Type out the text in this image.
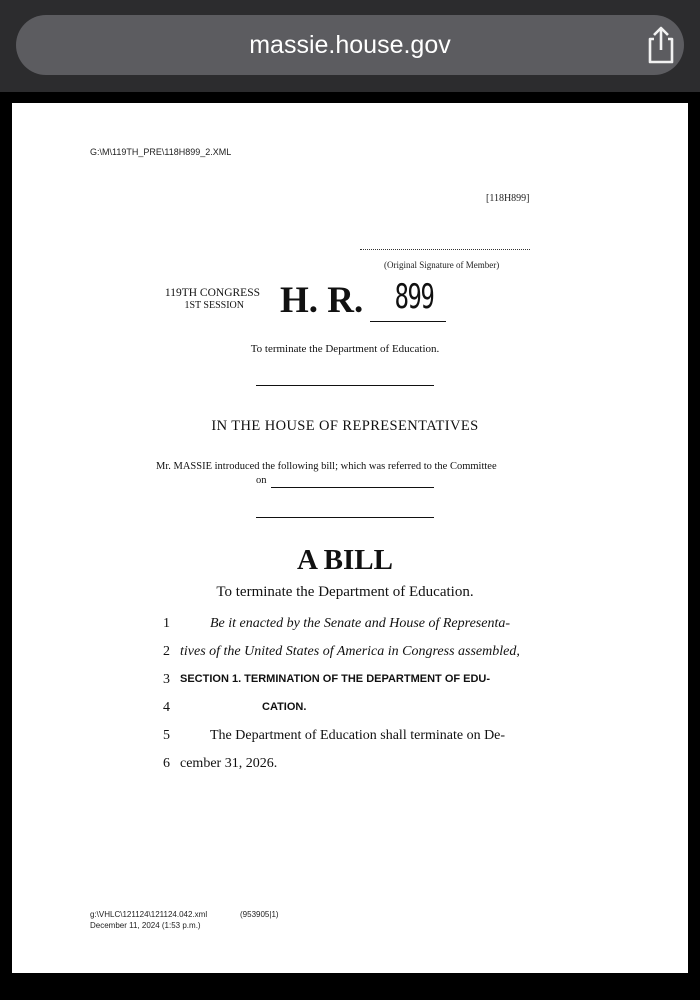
massie.house.gov
G:\M\119TH_PRE\118H899_2.XML
[118H899]
(Original Signature of Member)
119TH CONGRESS
1ST SESSION H. R. 899
To terminate the Department of Education.
IN THE HOUSE OF REPRESENTATIVES
Mr. MASSIE introduced the following bill; which was referred to the Committee
on
A BILL
To terminate the Department of Education.
1	Be it enacted by the Senate and House of Representa-
2 tives of the United States of America in Congress assembled,
3 SECTION 1. TERMINATION OF THE DEPARTMENT OF EDU-
4	CATION.
5	The Department of Education shall terminate on De-
6 cember 31, 2026.
g:\VHLC\121124\121124.042.xml	(953905|1)
December 11, 2024 (1:53 p.m.)
